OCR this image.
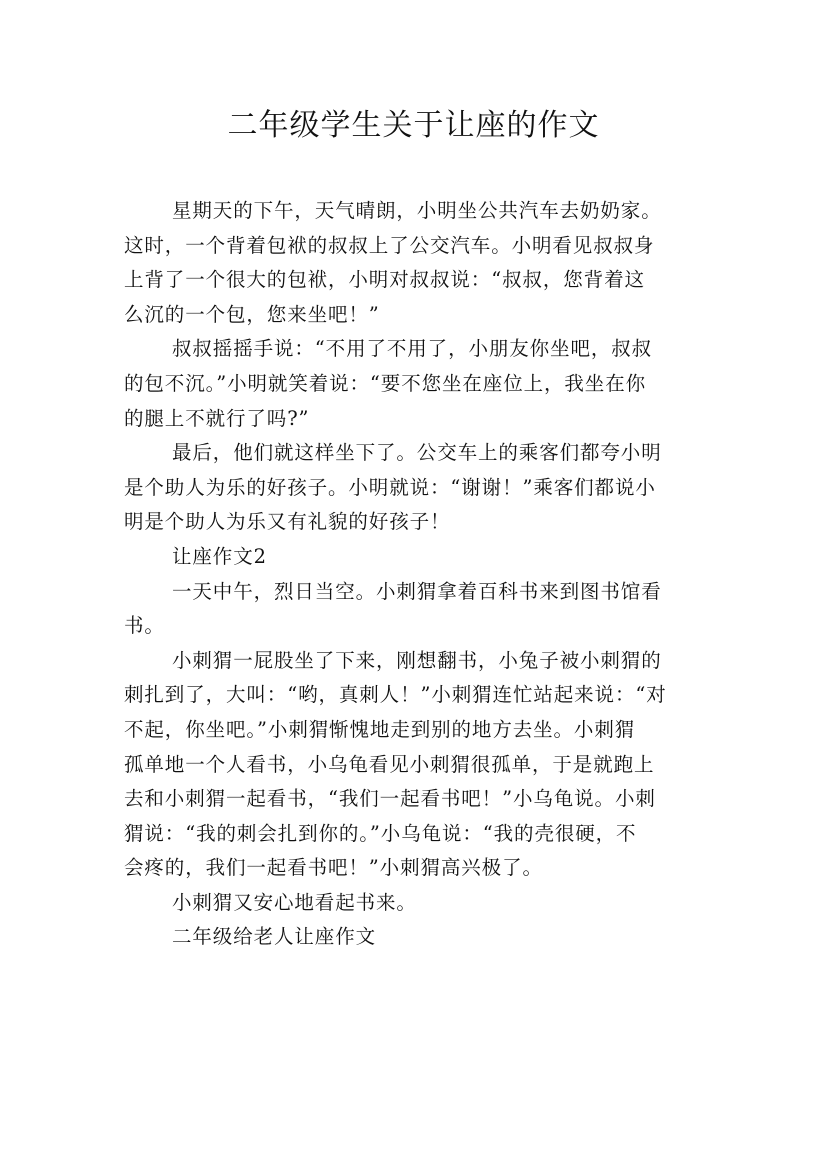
二年级学生关于让座的作文

星期天的下午，天气晴朗，小明坐公共汽车去奶奶家。
这时，一个背着包袱的叔叔上了公交汽车。小明看见叔叔身
上背了一个很大的包袱，小明对叔叔说：“叔叔，您背着这
么沉的一个包，您来坐吧！”

叔叔摇摇手说：“不用了不用了，小朋友你坐吧，叔叔
的包不沉。”小明就笑着说：“要不您坐在座位上，我坐在你
的腿上不就行了吗?”

最后，他们就这样坐下了。公交车上的乘客们都夸小明
是个助人为乐的好孩子。小明就说：“谢谢！”乘客们都说小
明是个助人为乐又有礼貌的好孩子！

让座作文2

一天中午，烈日当空。小刺猬拿着百科书来到图书馆看
书。

小刺猬一屁股坐了下来，刚想翻书，小兔子被小刺猬的
刺扎到了，大叫：“哟，真刺人！”小刺猬连忙站起来说：“对
不起，你坐吧。”小刺猬惭愧地走到别的地方去坐。小刺猬
孤单地一个人看书，小乌龟看见小刺猬很孤单，于是就跑上
去和小刺猬一起看书，“我们一起看书吧！”小乌龟说。小刺
猬说：“我的刺会扎到你的。”小乌龟说：“我的壳很硬，不
会疼的，我们一起看书吧！”小刺猬高兴极了。

小刺猬又安心地看起书来。

二年级给老人让座作文
